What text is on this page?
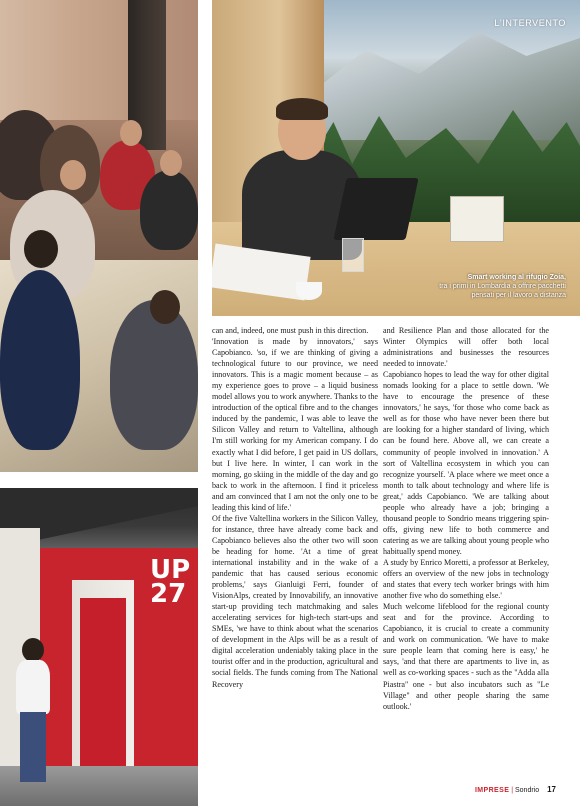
L'INTERVENTO
Smart working al rifugio Zoia,
tra i primi in Lombardia a offrire pacchetti
pensati per il lavoro a distanza
UP
27

can and, indeed, one must push in this direction.

'Innovation is made by innovators,' says Capobianco. 'so, if we are thinking of giving a technological future to our province, we need innovators. This is a magic moment because – as my experience goes to prove – a liquid business model allows you to work anywhere. Thanks to the introduction of the optical fibre and to the changes induced by the pandemic, I was able to leave the Silicon Valley and return to Valtellina, although I'm still working for my American company. I do exactly what I did before, I get paid in US dollars, but I live here. In winter, I can work in the morning, go skiing in the middle of the day and go back to work in the afternoon. I find it priceless and am convinced that I am not the only one to be leading this kind of life.'

Of the five Valtellina workers in the Silicon Valley, for instance, three have already come back and Capobianco believes also the other two will soon be heading for home. 'At a time of great international instability and in the wake of a pandemic that has caused serious economic problems,' says Gianluigi Ferri, founder of VisionAlps, created by Innovabilify, an innovative start-up providing tech matchmaking and sales accelerating services for high-tech start-ups and SMEs, 'we have to think about what the scenarios of development in the Alps will be as a result of digital acceleration undeniably taking place in the tourist offer and in the production, agricultural and social fields. The funds coming from The National Recovery

and Resilience Plan and those allocated for the Winter Olympics will offer both local administrations and businesses the resources needed to innovate.'

Capobianco hopes to lead the way for other digital nomads looking for a place to settle down. 'We have to encourage the presence of these innovators,' he says, 'for those who come back as well as for those who have never been there but are looking for a higher standard of living, which can be found here. Above all, we can create a community of people involved in innovation.' A sort of Valtellina ecosystem in which you can recognize yourself. 'A place where we meet once a month to talk about technology and where life is great,' adds Capobianco. 'We are talking about people who already have a job; bringing a thousand people to Sondrio means triggering spin-offs, giving new life to both commerce and catering as we are talking about young people who habitually spend money.

A study by Enrico Moretti, a professor at Berkeley, offers an overview of the new jobs in technology and states that every tech worker brings with him another five who do something else.'

Much welcome lifeblood for the regional county seat and for the province. According to Capobianco, it is crucial to create a community and work on communication. 'We have to make sure people learn that coming here is easy,' he says, 'and that there are apartments to live in, as well as co-working spaces - such as the "Adda alla Piastra" one - but also incubators such as "Le Village" and other people sharing the same outlook.'

IMPRESE | Sondrio 17
